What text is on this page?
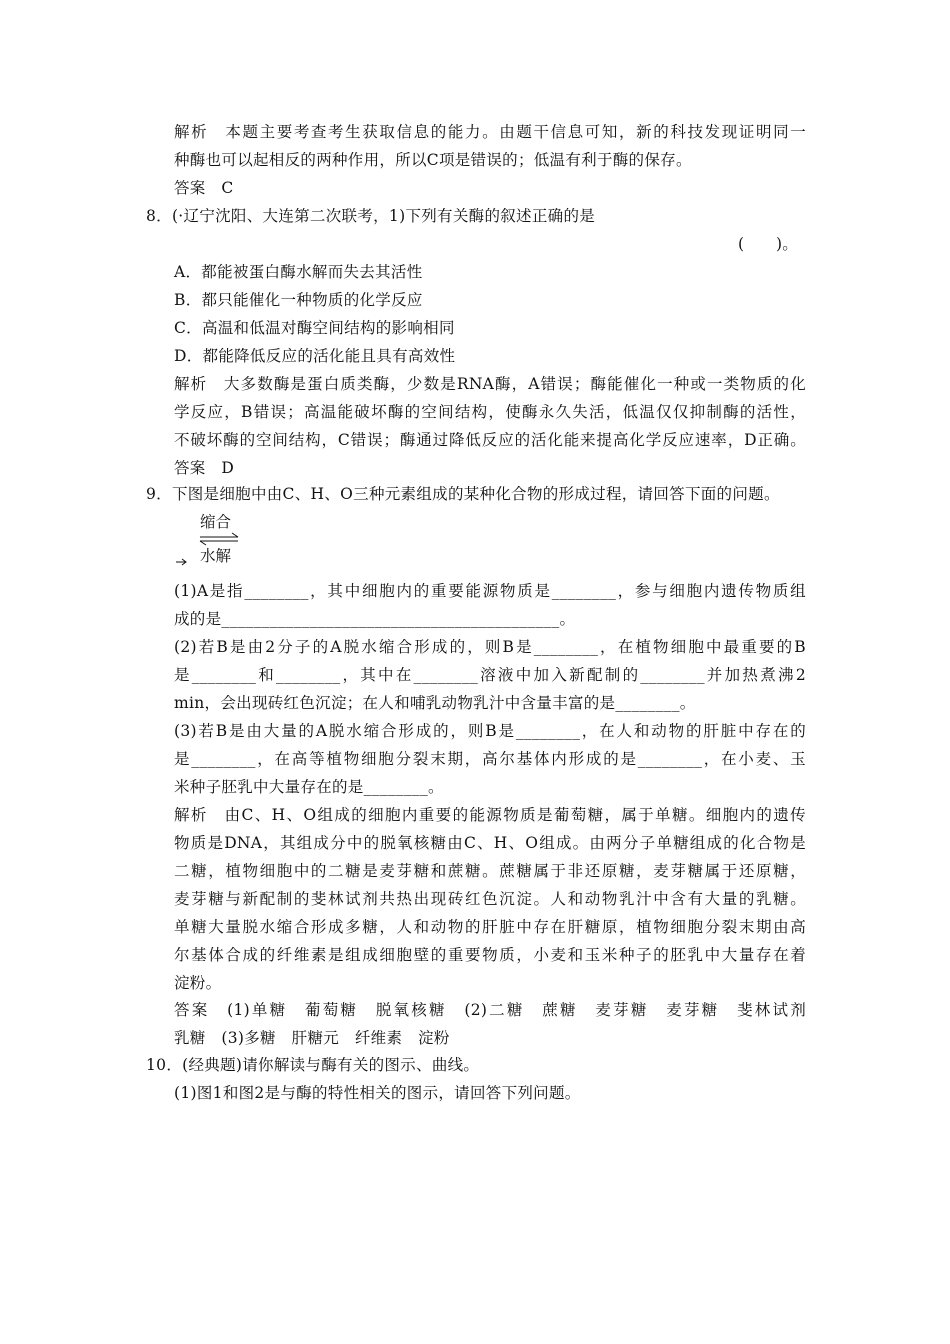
解析　本题主要考查考生获取信息的能力。由题干信息可知，新的科技发现证明同一
种酶也可以起相反的两种作用，所以C项是错误的；低温有利于酶的保存。
答案　C
8．(·辽宁沈阳、大连第二次联考，1)下列有关酶的叙述正确的是
(　　)。
A．都能被蛋白酶水解而失去其活性
B．都只能催化一种物质的化学反应
C．高温和低温对酶空间结构的影响相同
D．都能降低反应的活化能且具有高效性
解析　大多数酶是蛋白质类酶，少数是RNA酶，A错误；酶能催化一种或一类物质的化
学反应，B错误；高温能破坏酶的空间结构，使酶永久失活，低温仅仅抑制酶的活性，
不破坏酶的空间结构，C错误；酶通过降低反应的活化能来提高化学反应速率，D正确。
答案　D
9．下图是细胞中由C、H、O三种元素组成的某种化合物的形成过程，请回答下面的问题。
缩合
水解
(1)A是指________，其中细胞内的重要能源物质是________，参与细胞内遗传物质组
成的是__________________________________________。
(2)若B是由2分子的A脱水缩合形成的，则B是________，在植物细胞中最重要的B
是________和________，其中在________溶液中加入新配制的________并加热煮沸2
min，会出现砖红色沉淀；在人和哺乳动物乳汁中含量丰富的是________。
(3)若B是由大量的A脱水缩合形成的，则B是________，在人和动物的肝脏中存在的
是________，在高等植物细胞分裂末期，高尔基体内形成的是________，在小麦、玉
米种子胚乳中大量存在的是________。
解析　由C、H、O组成的细胞内重要的能源物质是葡萄糖，属于单糖。细胞内的遗传
物质是DNA，其组成分中的脱氧核糖由C、H、O组成。由两分子单糖组成的化合物是
二糖，植物细胞中的二糖是麦芽糖和蔗糖。蔗糖属于非还原糖，麦芽糖属于还原糖，
麦芽糖与新配制的斐林试剂共热出现砖红色沉淀。人和动物乳汁中含有大量的乳糖。
单糖大量脱水缩合形成多糖，人和动物的肝脏中存在肝糖原，植物细胞分裂末期由高
尔基体合成的纤维素是组成细胞壁的重要物质，小麦和玉米种子的胚乳中大量存在着
淀粉。
答案　(1)单糖　葡萄糖　脱氧核糖　(2)二糖　蔗糖　麦芽糖　麦芽糖　斐林试剂
乳糖　(3)多糖　肝糖元　纤维素　淀粉
10．(经典题)请你解读与酶有关的图示、曲线。
(1)图1和图2是与酶的特性相关的图示，请回答下列问题。
